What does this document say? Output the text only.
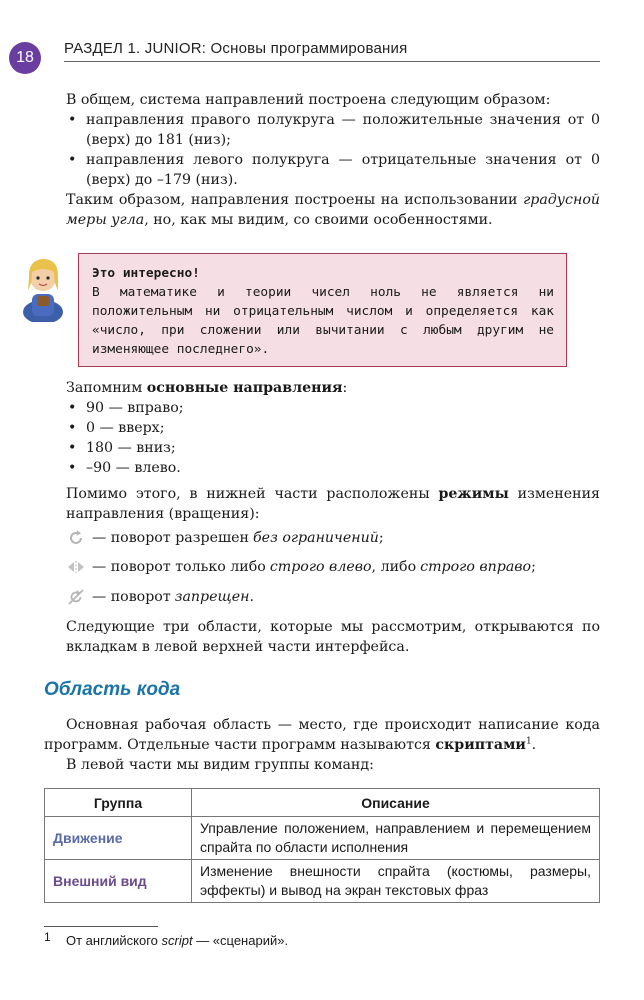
18
РАЗДЕЛ 1. JUNIOR: Основы программирования

В общем, система направлений построена следующим образом:

• направления правого полукруга — положительные значения от 0 (верх) до 181 (низ);
• направления левого полукруга — отрицательные значения от 0 (верх) до –179 (низ).

Таким образом, направления построены на использовании градусной меры угла, но, как мы видим, со своими особенностями.

Это интересно!
В математике и теории чисел ноль не является ни положительным ни отрицательным числом и определяется как «число, при сложении или вычитании с любым другим не изменяющее последнего».

Запомним основные направления:

• 90 — вправо;
• 0 — вверх;
• 180 — вниз;
• –90 — влево.

Помимо этого, в нижней части расположены режимы изменения направления (вращения):

— поворот разрешен без ограничений ;
— поворот только либо строго влево , либо строго вправо ;
— поворот запрещен .
Следующие три области, которые мы рассмотрим, открываются по вкладкам в левой верхней части интерфейса.
Область кода

Основная рабочая область — место, где происходит написание кода программ. Отдельные части программ называются скриптами$^1$.

В левой части мы видим группы команд:

Группа	Описание
Движение	Управление положением, направлением и перемещением спрайта по области исполнения
Внешний вид	Изменение внешности спрайта (костюмы, размеры, эффекты) и вывод на экран текстовых фраз
1 От английского script — «сценарий».
